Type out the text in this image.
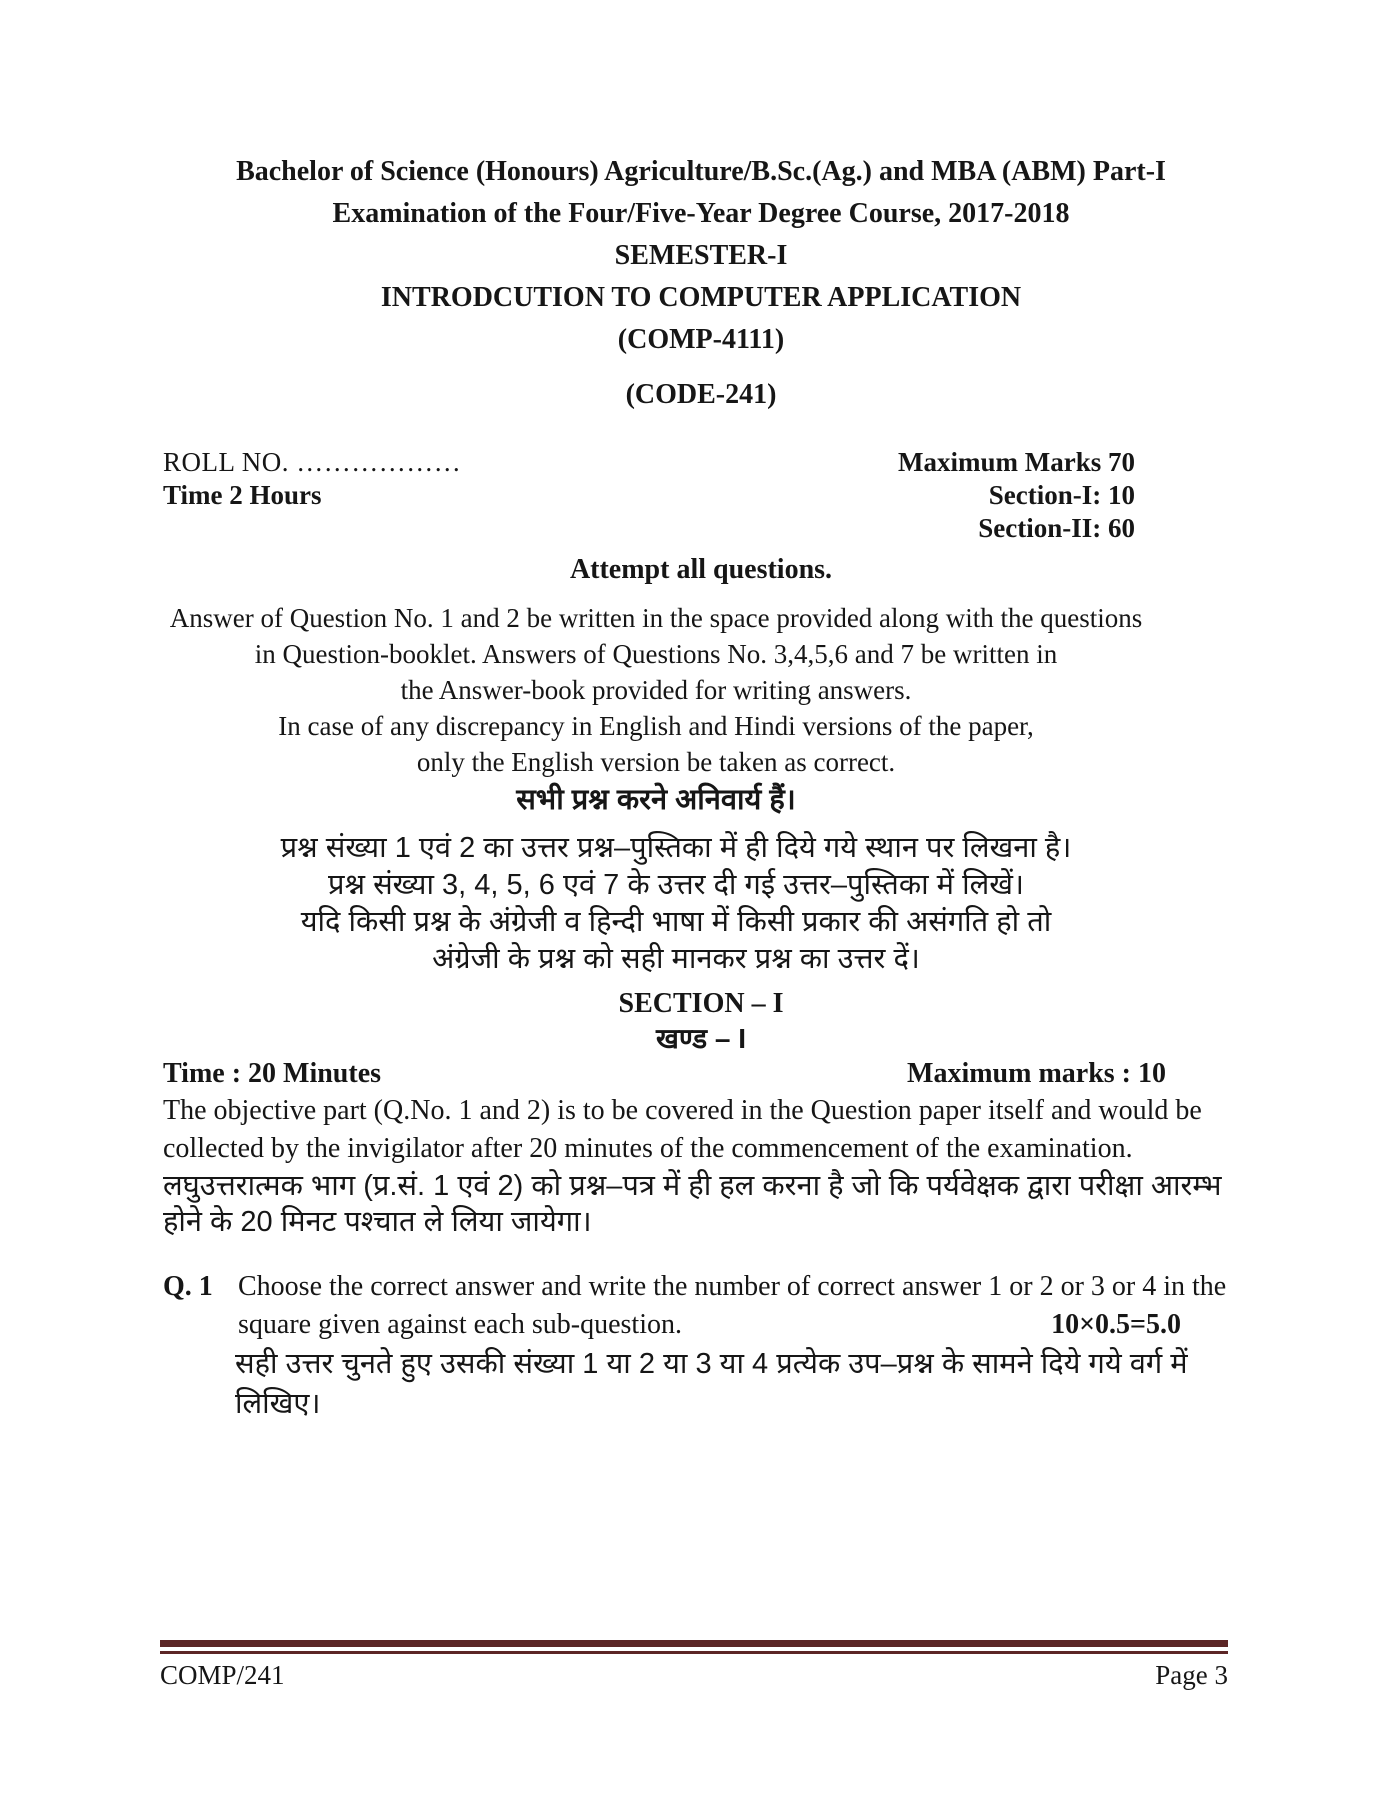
Bachelor of Science (Honours) Agriculture/B.Sc.(Ag.) and MBA (ABM) Part-I
Examination of the Four/Five-Year Degree Course, 2017-2018
SEMESTER-I
INTRODCUTION TO COMPUTER APPLICATION
(COMP-4111)
(CODE-241)
ROLL NO. ………………
Time 2 Hours
Maximum Marks 70
Section-I: 10
Section-II: 60
Attempt all questions.
Answer of Question No. 1 and 2 be written in the space provided along with the questions
in Question-booklet. Answers of Questions No. 3,4,5,6 and 7 be written in
the Answer-book provided for writing answers.
In case of any discrepancy in English and Hindi versions of the paper,
only the English version be taken as correct.
सभी प्रश्न करने अनिवार्य हैं।
प्रश्न संख्या 1 एवं 2 का उत्तर प्रश्न–पुस्तिका में ही दिये गये स्थान पर लिखना है।
प्रश्न संख्या 3, 4, 5, 6 एवं 7 के उत्तर दी गई उत्तर–पुस्तिका में लिखें।
यदि किसी प्रश्न के अंग्रेजी व हिन्दी भाषा में किसी प्रकार की असंगति हो तो
अंग्रेजी के प्रश्न को सही मानकर प्रश्न का उत्तर दें।
SECTION – I
खण्ड – I
Time : 20 Minutes	Maximum marks : 10
The objective part (Q.No. 1 and 2) is to be covered in the Question paper itself and would be
collected by the invigilator after 20 minutes of the commencement of the examination.
लघुउत्तरात्मक भाग (प्र.सं. 1 एवं 2) को प्रश्न–पत्र में ही हल करना है जो कि पर्यवेक्षक द्वारा परीक्षा आरम्भ
होने के 20 मिनट पश्चात ले लिया जायेगा।
Q. 1 Choose the correct answer and write the number of correct answer 1 or 2 or 3 or 4 in the
square given against each sub-question.	10×0.5=5.0
सही उत्तर चुनते हुए उसकी संख्या 1 या 2 या 3 या 4 प्रत्येक उप–प्रश्न के सामने दिये गये वर्ग में
लिखिए।
COMP/241	Page 3
